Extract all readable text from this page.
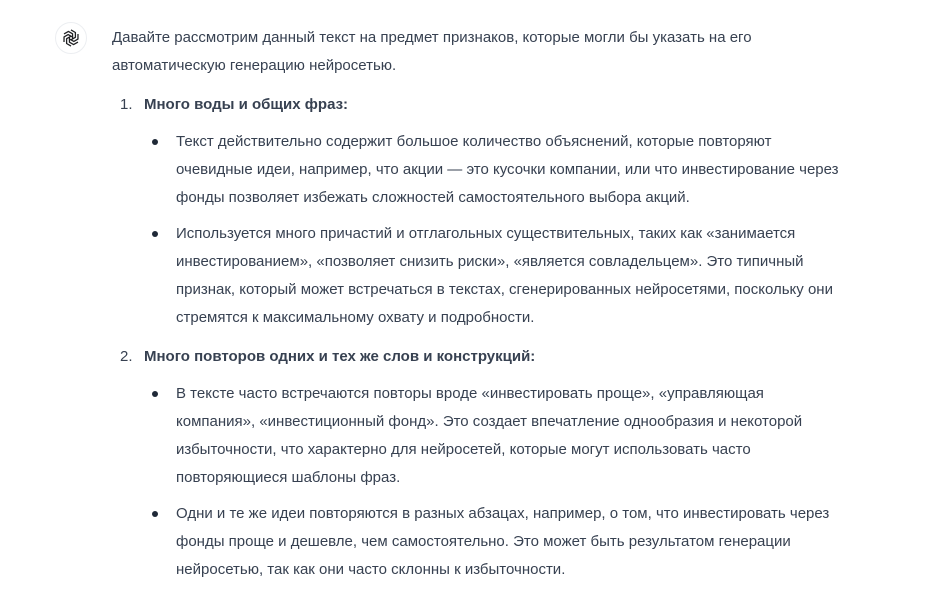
Давайте рассмотрим данный текст на предмет признаков, которые могли бы указать на его автоматическую генерацию нейросетью.

1. Много воды и общих фраз:
Текст действительно содержит большое количество объяснений, которые повторяют очевидные идеи, например, что акции — это кусочки компании, или что инвестирование через фонды позволяет избежать сложностей самостоятельного выбора акций.
Используется много причастий и отглагольных существительных, таких как «занимается инвестированием», «позволяет снизить риски», «является совладельцем». Это типичный признак, который может встречаться в текстах, сгенерированных нейросетями, поскольку они стремятся к максимальному охвату и подробности.
2. Много повторов одних и тех же слов и конструкций:
В тексте часто встречаются повторы вроде «инвестировать проще», «управляющая компания», «инвестиционный фонд». Это создает впечатление однообразия и некоторой избыточности, что характерно для нейросетей, которые могут использовать часто повторяющиеся шаблоны фраз.
Одни и те же идеи повторяются в разных абзацах, например, о том, что инвестировать через фонды проще и дешевле, чем самостоятельно. Это может быть результатом генерации нейросетью, так как они часто склонны к избыточности.
